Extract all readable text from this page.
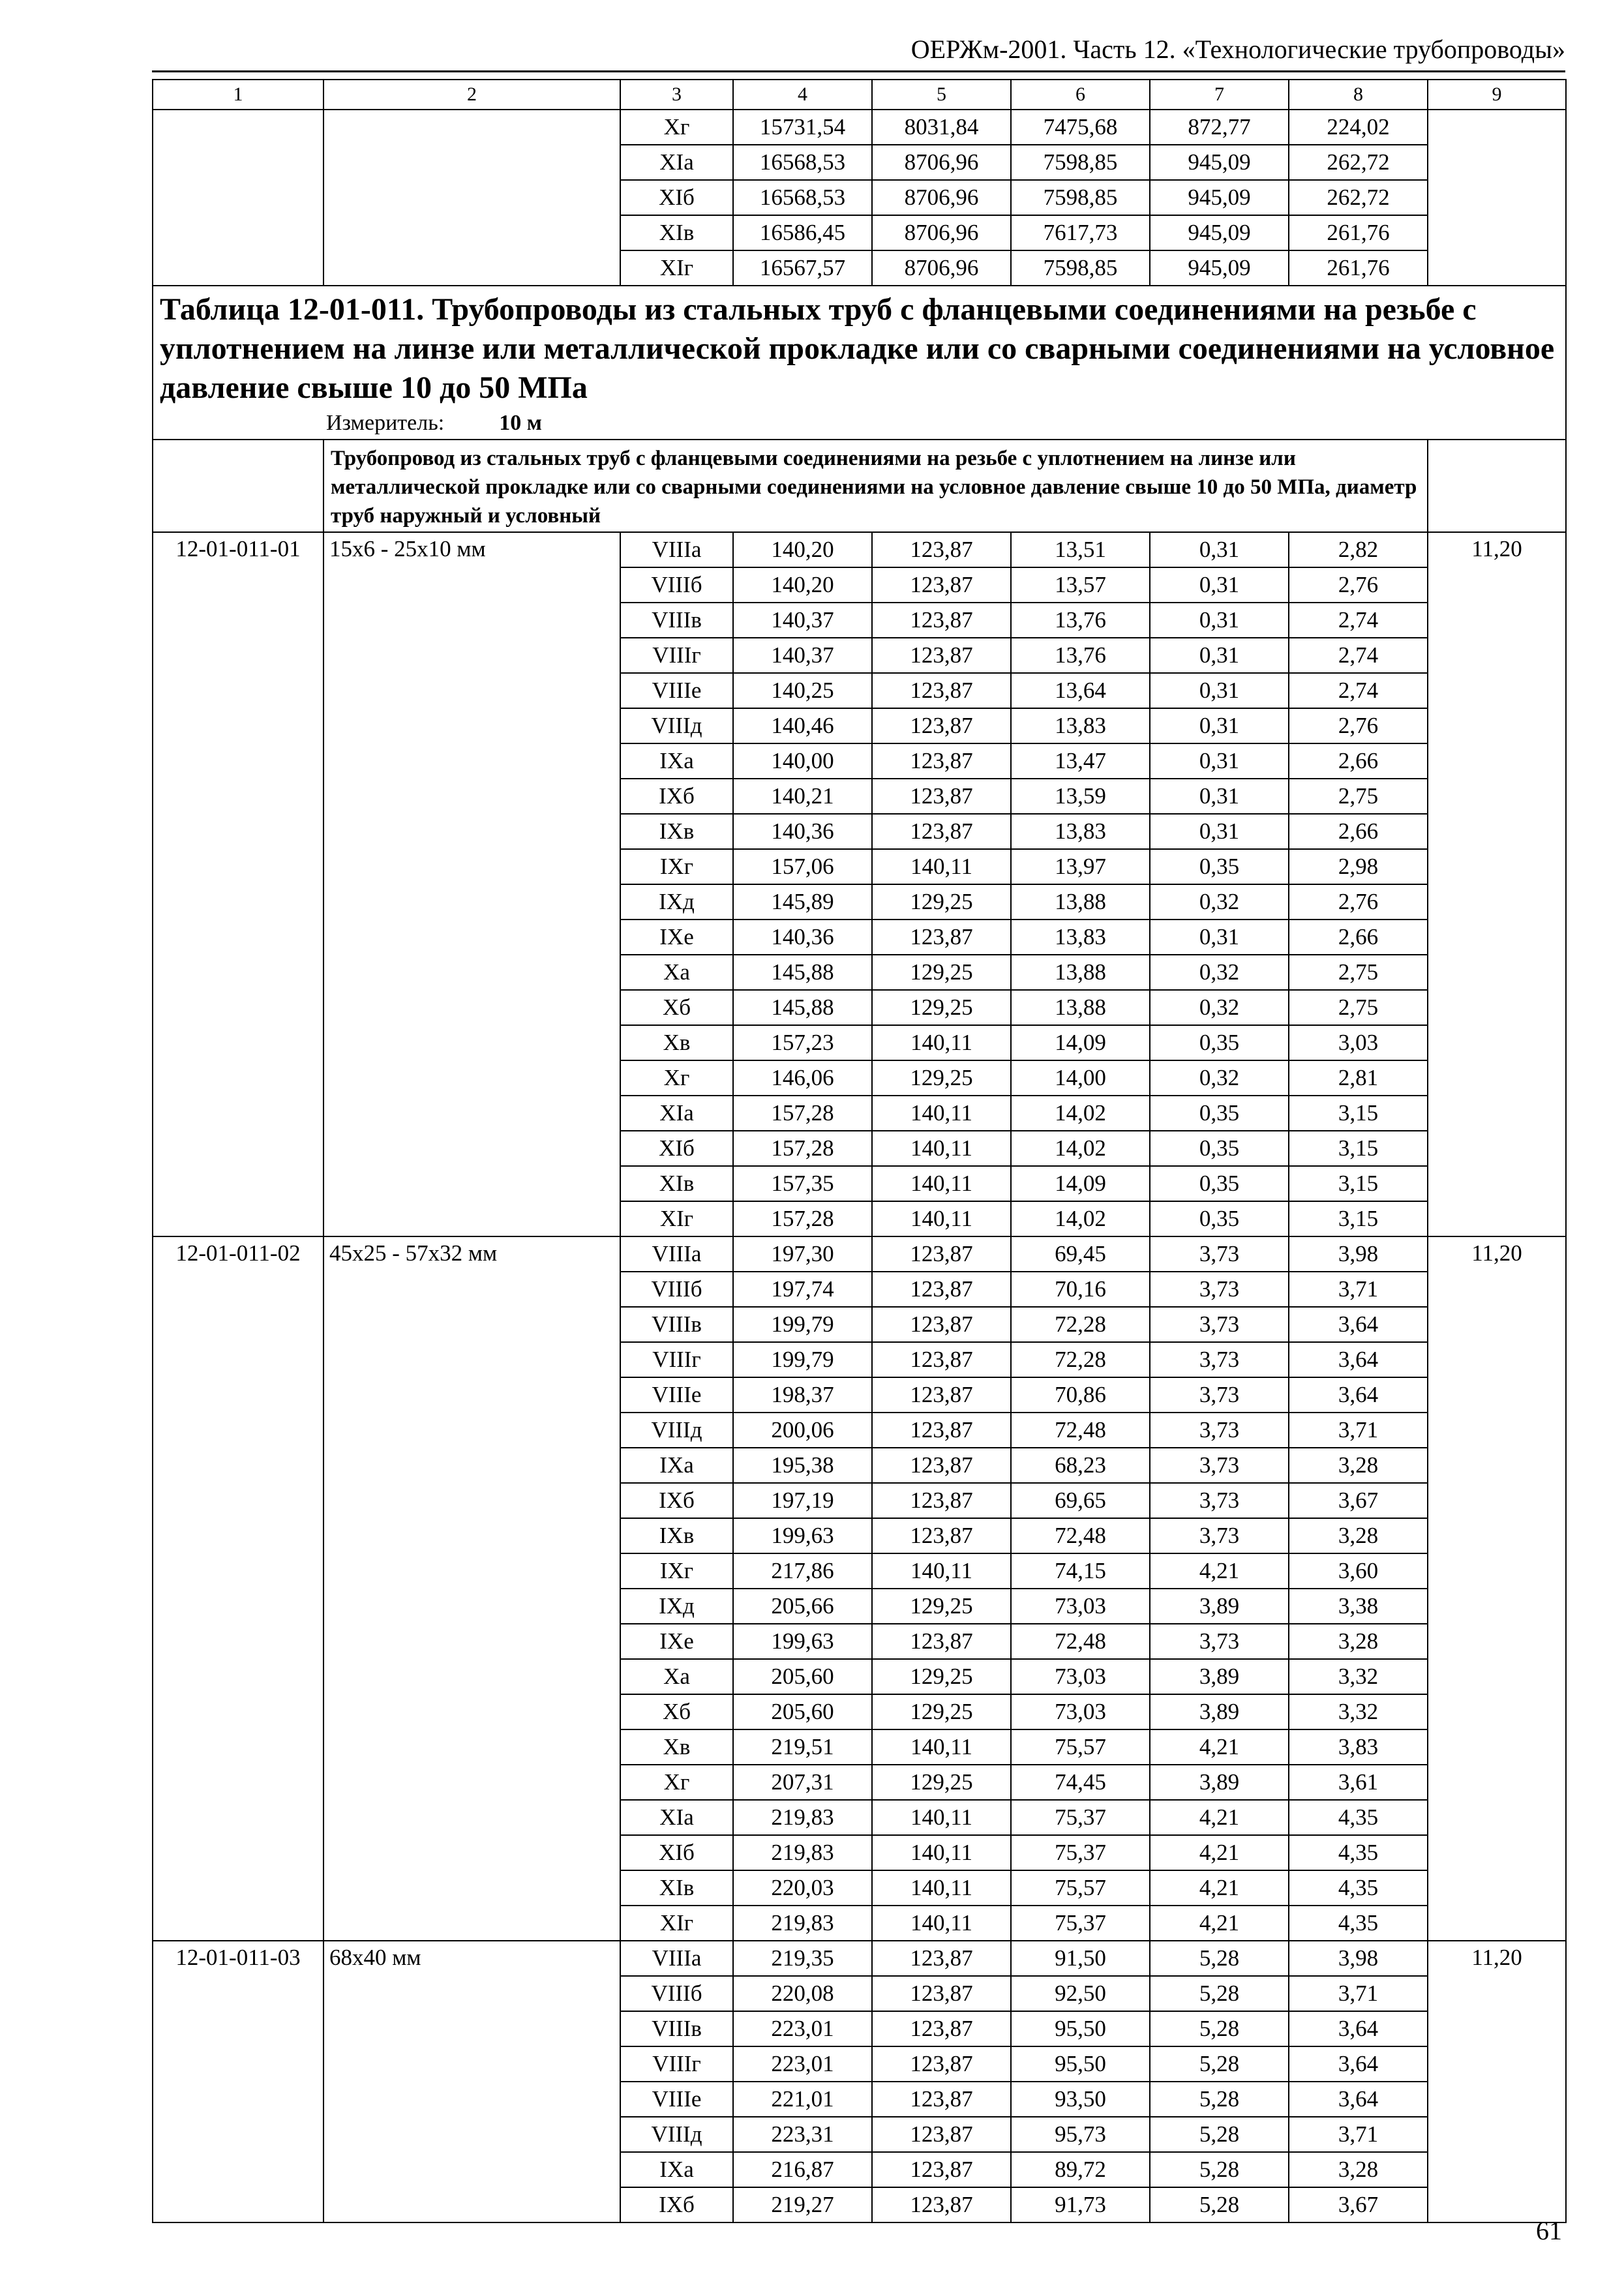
ОЕРЖм-2001. Часть 12. «Технологические трубопроводы»
1	2	3	4	5	6	7	8	9
		Xг	15731,54	8031,84	7475,68	872,77	224,02	
		XIа	16568,53	8706,96	7598,85	945,09	262,72	
		XIб	16568,53	8706,96	7598,85	945,09	262,72	
		XIв	16586,45	8706,96	7617,73	945,09	261,76	
		XIг	16567,57	8706,96	7598,85	945,09	261,76	

Таблица 12-01-011. Трубопроводы из стальных труб с фланцевыми соединениями на резьбе с уплотнением на линзе или металлической прокладке или со сварными соединениями на условное давление свыше 10 до 50 МПа
Измеритель: 10 м								

	Трубопровод из стальных труб с фланцевыми соединениями на резьбе с уплотнением на линзе или металлической прокладке или со сварными соединениями на условное давление свыше 10 до 50 МПа, диаметр труб наружный и условный							
12-01-011-01	15х6 - 25х10 мм	VIIIа	140,20	123,87	13,51	0,31	2,82	11,20
		VIIIб	140,20	123,87	13,57	0,31	2,76	
		VIIIв	140,37	123,87	13,76	0,31	2,74	
		VIIIг	140,37	123,87	13,76	0,31	2,74	
		VIIIе	140,25	123,87	13,64	0,31	2,74	
		VIIIд	140,46	123,87	13,83	0,31	2,76	
		IXа	140,00	123,87	13,47	0,31	2,66	
		IXб	140,21	123,87	13,59	0,31	2,75	
		IXв	140,36	123,87	13,83	0,31	2,66	
		IXг	157,06	140,11	13,97	0,35	2,98	
		IXд	145,89	129,25	13,88	0,32	2,76	
		IXе	140,36	123,87	13,83	0,31	2,66	
		Xа	145,88	129,25	13,88	0,32	2,75	
		Xб	145,88	129,25	13,88	0,32	2,75	
		Xв	157,23	140,11	14,09	0,35	3,03	
		Xг	146,06	129,25	14,00	0,32	2,81	
		XIа	157,28	140,11	14,02	0,35	3,15	
		XIб	157,28	140,11	14,02	0,35	3,15	
		XIв	157,35	140,11	14,09	0,35	3,15	
		XIг	157,28	140,11	14,02	0,35	3,15	
12-01-011-02	45х25 - 57х32 мм	VIIIа	197,30	123,87	69,45	3,73	3,98	11,20
		VIIIб	197,74	123,87	70,16	3,73	3,71	
		VIIIв	199,79	123,87	72,28	3,73	3,64	
		VIIIг	199,79	123,87	72,28	3,73	3,64	
		VIIIе	198,37	123,87	70,86	3,73	3,64	
		VIIIд	200,06	123,87	72,48	3,73	3,71	
		IXа	195,38	123,87	68,23	3,73	3,28	
		IXб	197,19	123,87	69,65	3,73	3,67	
		IXв	199,63	123,87	72,48	3,73	3,28	
		IXг	217,86	140,11	74,15	4,21	3,60	
		IXд	205,66	129,25	73,03	3,89	3,38	
		IXе	199,63	123,87	72,48	3,73	3,28	
		Xа	205,60	129,25	73,03	3,89	3,32	
		Xб	205,60	129,25	73,03	3,89	3,32	
		Xв	219,51	140,11	75,57	4,21	3,83	
		Xг	207,31	129,25	74,45	3,89	3,61	
		XIа	219,83	140,11	75,37	4,21	4,35	
		XIб	219,83	140,11	75,37	4,21	4,35	
		XIв	220,03	140,11	75,57	4,21	4,35	
		XIг	219,83	140,11	75,37	4,21	4,35	
12-01-011-03	68х40 мм	VIIIа	219,35	123,87	91,50	5,28	3,98	11,20
		VIIIб	220,08	123,87	92,50	5,28	3,71	
		VIIIв	223,01	123,87	95,50	5,28	3,64	
		VIIIг	223,01	123,87	95,50	5,28	3,64	
		VIIIе	221,01	123,87	93,50	5,28	3,64	
		VIIIд	223,31	123,87	95,73	5,28	3,71	
		IXа	216,87	123,87	89,72	5,28	3,28	
		IXб	219,27	123,87	91,73	5,28	3,67	
61
